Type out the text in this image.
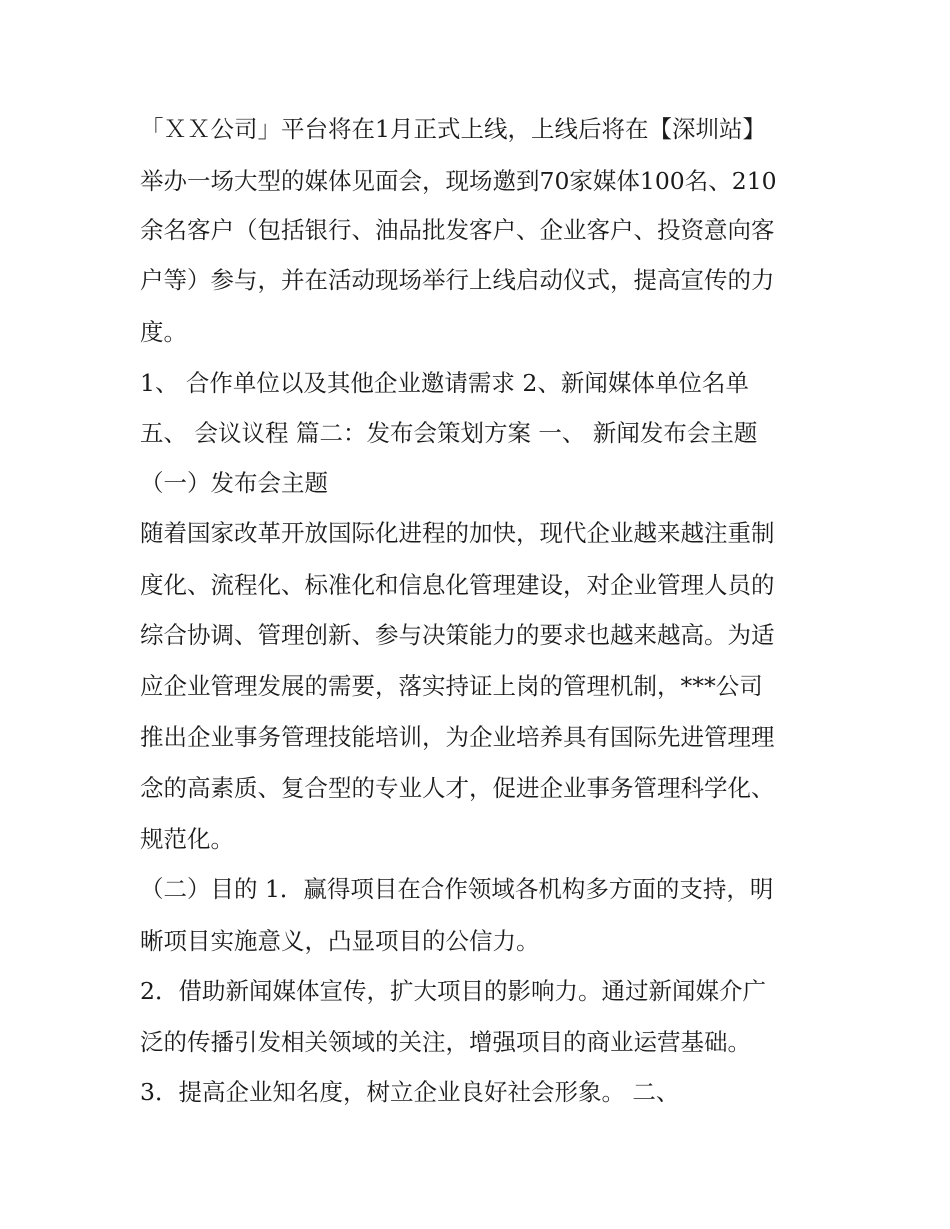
「ＸＸ公司」平台将在1月正式上线，上线后将在【深圳站】
举办一场大型的媒体见面会，现场邀到70家媒体100名、210
余名客户（包括银行、油品批发客户、企业客户、投资意向客
户等）参与，并在活动现场举行上线启动仪式，提高宣传的力
度。
1、 合作单位以及其他企业邀请需求 2、新闻媒体单位名单
五、 会议议程 篇二：发布会策划方案 一、 新闻发布会主题
（一）发布会主题
随着国家改革开放国际化进程的加快，现代企业越来越注重制
度化、流程化、标准化和信息化管理建设，对企业管理人员的
综合协调、管理创新、参与决策能力的要求也越来越高。为适
应企业管理发展的需要，落实持证上岗的管理机制，***公司
推出企业事务管理技能培训，为企业培养具有国际先进管理理
念的高素质、复合型的专业人才，促进企业事务管理科学化、
规范化。
（二）目的 1．赢得项目在合作领域各机构多方面的支持，明
晰项目实施意义，凸显项目的公信力。
2．借助新闻媒体宣传，扩大项目的影响力。通过新闻媒介广
泛的传播引发相关领域的关注，增强项目的商业运营基础。
3．提高企业知名度，树立企业良好社会形象。 二、
